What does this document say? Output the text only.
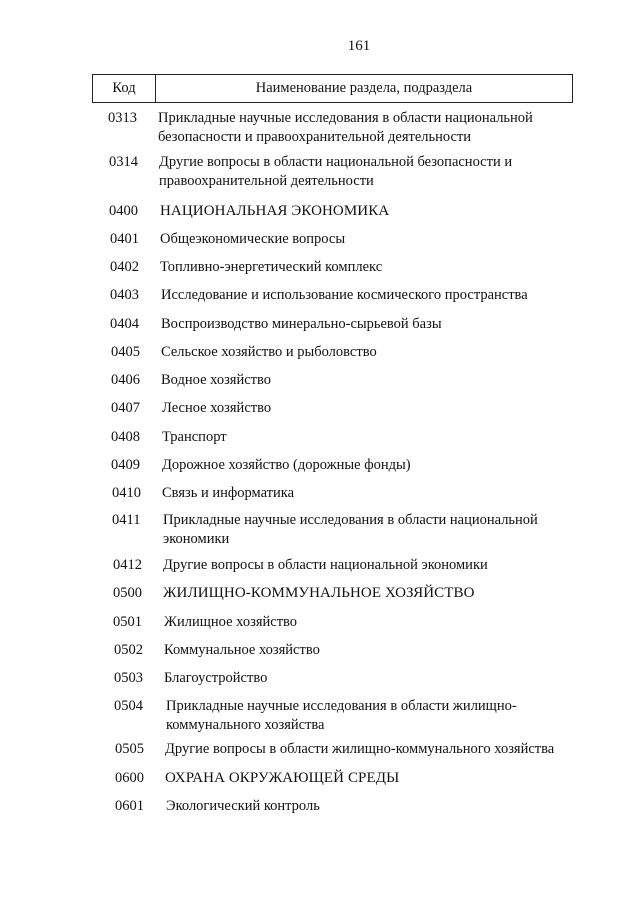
161
Код	Наименование раздела, подраздела
0313	Прикладные научные исследования в области национальной безопасности и правоохранительной деятельности
0314	Другие вопросы в области национальной безопасности и правоохранительной деятельности
0400	НАЦИОНАЛЬНАЯ ЭКОНОМИКА
0401	Общеэкономические вопросы
0402	Топливно-энергетический комплекс
0403	Исследование и использование космического пространства
0404	Воспроизводство минерально-сырьевой базы
0405	Сельское хозяйство и рыболовство
0406	Водное хозяйство
0407	Лесное хозяйство
0408	Транспорт
0409	Дорожное хозяйство (дорожные фонды)
0410	Связь и информатика
0411	Прикладные научные исследования в области национальной экономики
0412	Другие вопросы в области национальной экономики
0500	ЖИЛИЩНО-КОММУНАЛЬНОЕ ХОЗЯЙСТВО
0501	Жилищное хозяйство
0502	Коммунальное хозяйство
0503	Благоустройство
0504	Прикладные научные исследования в области жилищно-коммунального хозяйства
0505	Другие вопросы в области жилищно-коммунального хозяйства
0600	ОХРАНА ОКРУЖАЮЩЕЙ СРЕДЫ
0601	Экологический контроль
